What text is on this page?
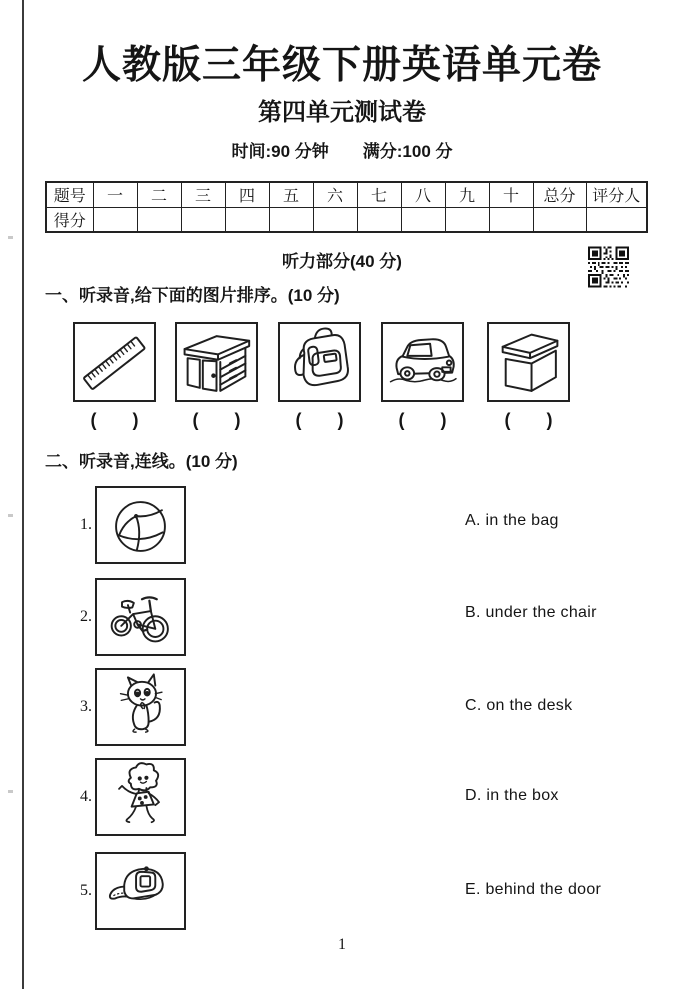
人教版三年级下册英语单元卷
第四单元测试卷
时间:90 分钟　　满分:100 分
题号	一	二	三	四	五	六	七	八	九	十	总分	评分人
得分												
听力部分(40 分)
一、听录音,给下面的图片排序。(10 分)
(　　)	(　　)	(　　)	(　　)	(　　)
二、听录音,连线。(10 分)
1.	A. in the bag
2.	B. under the chair
3.	C. on the desk
4.	D. in the box
5.	E. behind the door
1
